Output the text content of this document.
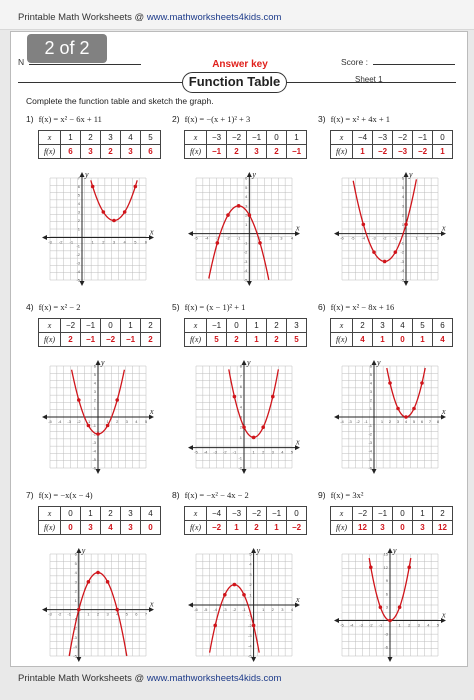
Printable Math Worksheets @ www.mathworksheets4kids.com
2 of 2
N	Score :
Answer key
Function Table	Sheet 1
Complete the function table and sketch the graph.
1) f(x) = x² − 6x + 11
x	1	2	3	4	5
f(x)	6	3	2	3	6
x
y
-3 -2 -1	1 2 3 4 5 6
7
6
5
4
3
2
1
-1
-2
-3
-4
-5
2) f(x) = −(x + 1)² + 3
x	−3	−2	−1	0	1
f(x)	−1	2	3	2	−1
x
y
-5 -4 -3 -2 -1	1 2 3 4
6
5
4
3
2
1
-1
-2
-3
-4
-5
3) f(x) = x² + 4x + 1
x	−4	−3	−2	−1	0
f(x)	1	−2	−3	−2	1
x
y
-6 -5 -4 -3 -2 -1	1 2 3
6
5
4
3
2
1
-1
-2
-3
-4
-5
4) f(x) = x² − 2
x	−2	−1	0	1	2
f(x)	2	−1	−2	−1	2
x
y
-5 -4 -3 -2 -1	1 2 3 4 5
6
5
4
3
2
1
-1
-2
-3
-4
-5
-6
5) f(x) = (x − 1)² + 1
x	−1	0	1	2	3
f(x)	5	2	1	2	5
x
y
-5 -4 -3 -2 -1	1 2 3 4 5
8
7
6
5
4
3
2
1
-1
-2
6) f(x) = x² − 8x + 16
x	2	3	4	5	6
f(x)	4	1	0	1	4
x
y
-4 -3 -2 -1	1 2 3 4 5 6 7 8
6
5
4
3
2
1
-1
-2
-3
-4
-5
-6
7) f(x) = −x(x − 4)
x	0	1	2	3	4
f(x)	0	3	4	3	0
x
y
-3 -2 -1	1 2 3 4 5 6 7
6
5
4
3
2
1
-1
-2
-3
-4
-5
8) f(x) = −x² − 4x − 2
x	−4	−3	−2	−1	0
f(x)	−2	1	2	1	−2
x
y
-6 -5 -4 -3 -2 -1	1 2 3 4
5
4
3
2
1
-1
-2
-3
-4
-5
9) f(x) = 3x²
x	−2	−1	0	1	2
f(x)	12	3	0	3	12
x
y
-5 -4 -3 -2 -1	1 2 3 4 5
15
12
9
6
3
-3
-6
Printable Math Worksheets @ www.mathworksheets4kids.com
